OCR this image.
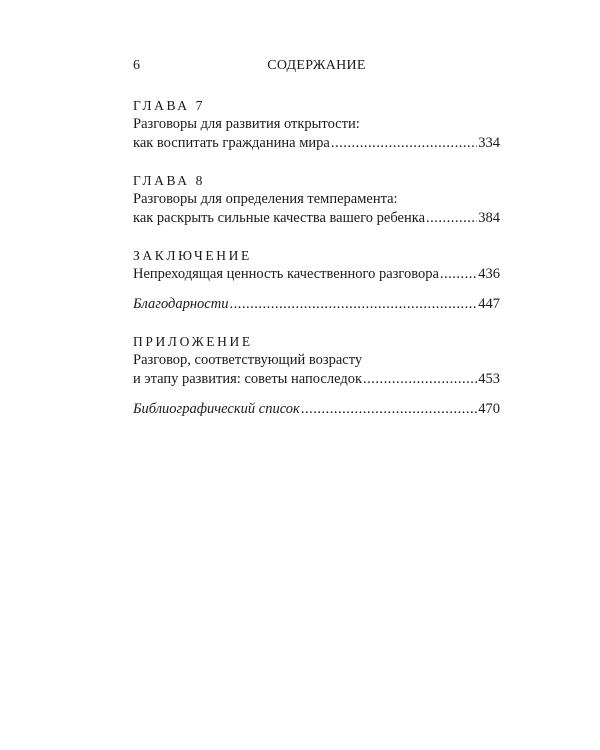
6	СОДЕРЖАНИЕ
ГЛАВА 7
Разговоры для развития открытости:
как воспитать гражданина мира .....	334
ГЛАВА 8
Разговоры для определения темперамента:
как раскрыть сильные качества вашего ребенка .....	384
ЗАКЛЮЧЕНИЕ
Непреходящая ценность качественного разговора .....	436
Благодарности .....	447
ПРИЛОЖЕНИЕ
Разговор, соответствующий возрасту
и этапу развития: советы напоследок .....	453
Библиографический список .....	470
